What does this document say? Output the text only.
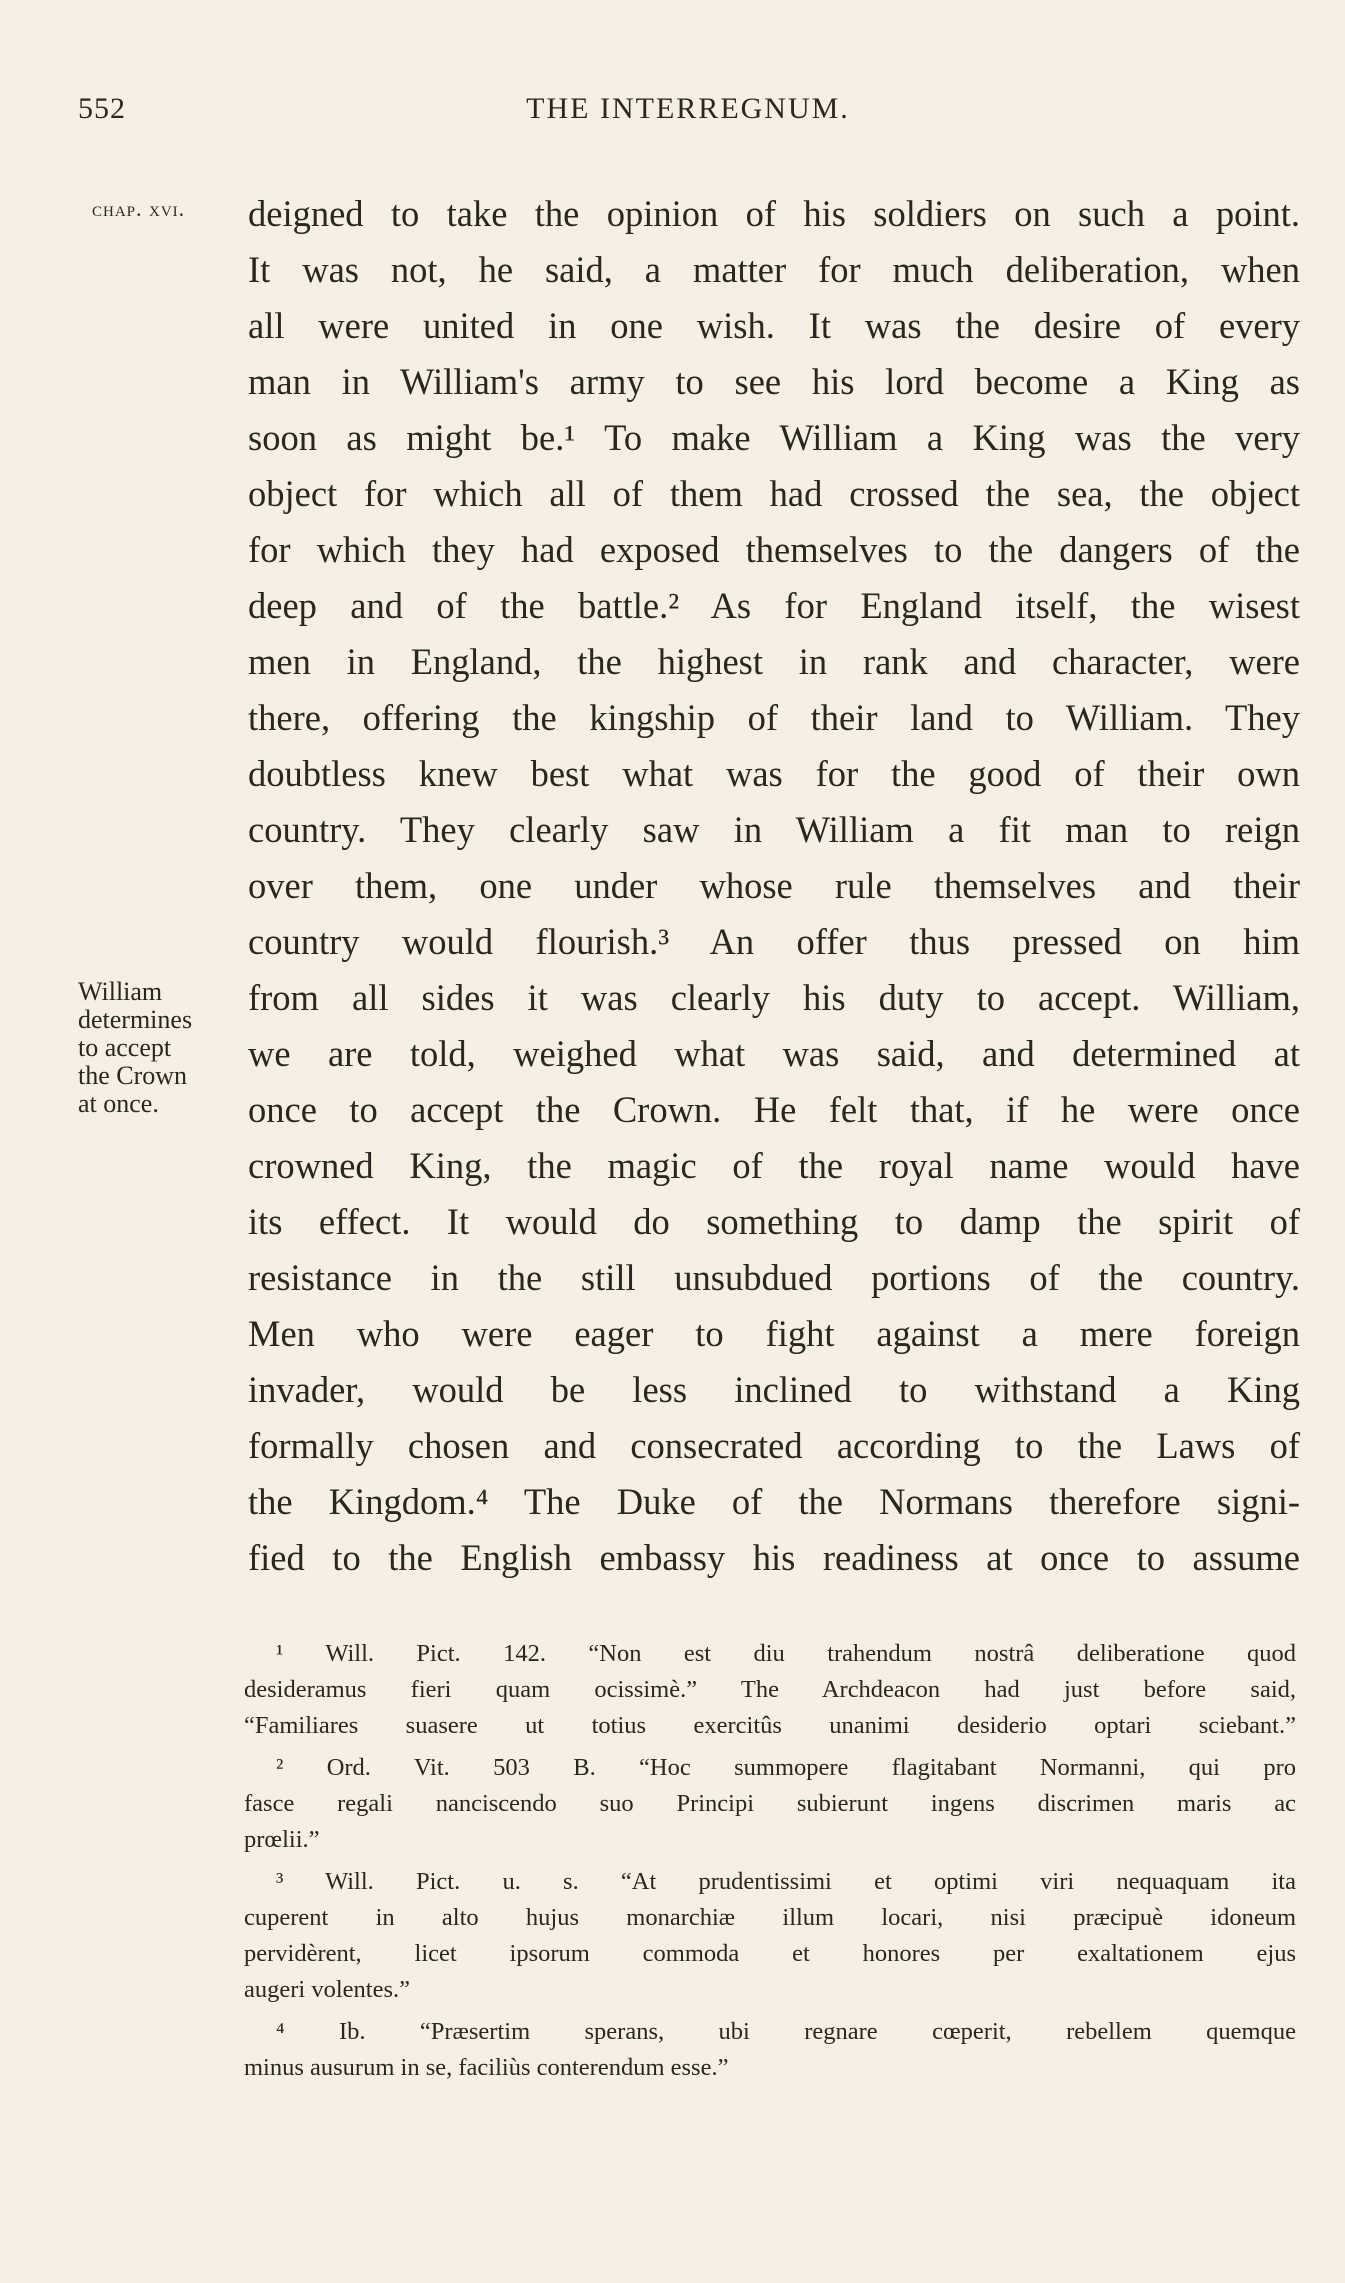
552	THE INTERREGNUM.
chap. xvi.
William
determines
to accept
the Crown
at once.
deigned to take the opinion of his soldiers on such a point.
It was not, he said, a matter for much deliberation, when
all were united in one wish. It was the desire of every
man in William's army to see his lord become a King as
soon as might be.¹ To make William a King was the very
object for which all of them had crossed the sea, the object
for which they had exposed themselves to the dangers of the
deep and of the battle.² As for England itself, the wisest
men in England, the highest in rank and character, were
there, offering the kingship of their land to William. They
doubtless knew best what was for the good of their own
country. They clearly saw in William a fit man to reign
over them, one under whose rule themselves and their
country would flourish.³ An offer thus pressed on him
from all sides it was clearly his duty to accept. William,
we are told, weighed what was said, and determined at
once to accept the Crown. He felt that, if he were once
crowned King, the magic of the royal name would have
its effect. It would do something to damp the spirit of
resistance in the still unsubdued portions of the country.
Men who were eager to fight against a mere foreign
invader, would be less inclined to withstand a King
formally chosen and consecrated according to the Laws of
the Kingdom.⁴ The Duke of the Normans therefore signi-
fied to the English embassy his readiness at once to assume
¹ Will. Pict. 142. “Non est diu trahendum nostrâ deliberatione quod
desideramus fieri quam ocissimè.” The Archdeacon had just before said,
“Familiares suasere ut totius exercitûs unanimi desiderio optari sciebant.”
² Ord. Vit. 503 B. “Hoc summopere flagitabant Normanni, qui pro
fasce regali nanciscendo suo Principi subierunt ingens discrimen maris ac
prœlii.”
³ Will. Pict. u. s. “At prudentissimi et optimi viri nequaquam ita
cuperent in alto hujus monarchiæ illum locari, nisi præcipuè idoneum
pervidèrent, licet ipsorum commoda et honores per exaltationem ejus
augeri volentes.”
⁴ Ib. “Præsertim sperans, ubi regnare cœperit, rebellem quemque
minus ausurum in se, faciliùs conterendum esse.”
